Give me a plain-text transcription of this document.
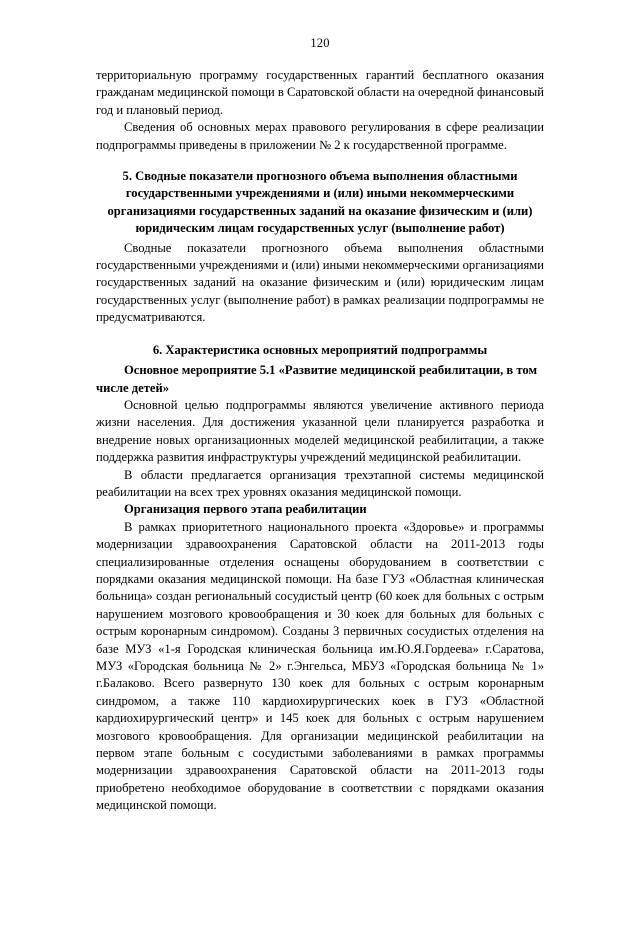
120

территориальную программу государственных гарантий бесплатного оказания гражданам медицинской помощи в Саратовской области на очередной финансовый год и плановый период.

Сведения об основных мерах правового регулирования в сфере реализации подпрограммы приведены в приложении № 2 к государственной программе.

5. Сводные показатели прогнозного объема выполнения областными государственными учреждениями и (или) иными некоммерческими организациями государственных заданий на оказание физическим и (или) юридическим лицам государственных услуг (выполнение работ)

Сводные показатели прогнозного объема выполнения областными государственными учреждениями и (или) иными некоммерческими организациями государственных заданий на оказание физическим и (или) юридическим лицам государственных услуг (выполнение работ) в рамках реализации подпрограммы не предусматриваются.

6. Характеристика основных мероприятий подпрограммы
Основное мероприятие 5.1 «Развитие медицинской реабилитации, в том числе детей»

Основной целью подпрограммы являются увеличение активного периода жизни населения. Для достижения указанной цели планируется разработка и внедрение новых организационных моделей медицинской реабилитации, а также поддержка развития инфраструктуры учреждений медицинской реабилитации.

В области предлагается организация трехэтапной системы медицинской реабилитации на всех трех уровнях оказания медицинской помощи.

Организация первого этапа реабилитации

В рамках приоритетного национального проекта «Здоровье» и программы модернизации здравоохранения Саратовской области на 2011-2013 годы специализированные отделения оснащены оборудованием в соответствии с порядками оказания медицинской помощи. На базе ГУЗ «Областная клиническая больница» создан региональный сосудистый центр (60 коек для больных с острым нарушением мозгового кровообращения и 30 коек для больных для больных с острым коронарным синдромом). Созданы 3 первичных сосудистых отделения на базе МУЗ «1-я Городская клиническая больница им.Ю.Я.Гордеева» г.Саратова, МУЗ «Городская больница № 2» г.Энгельса, МБУЗ «Городская больница № 1» г.Балаково. Всего развернуто 130 коек для больных с острым коронарным синдромом, а также 110 кардиохирургических коек в ГУЗ «Областной кардиохирургический центр» и 145 коек для больных с острым нарушением мозгового кровообращения. Для организации медицинской реабилитации на первом этапе больным с сосудистыми заболеваниями в рамках программы модернизации здравоохранения Саратовской области на 2011-2013 годы приобретено необходимое оборудование в соответствии с порядками оказания медицинской помощи.
